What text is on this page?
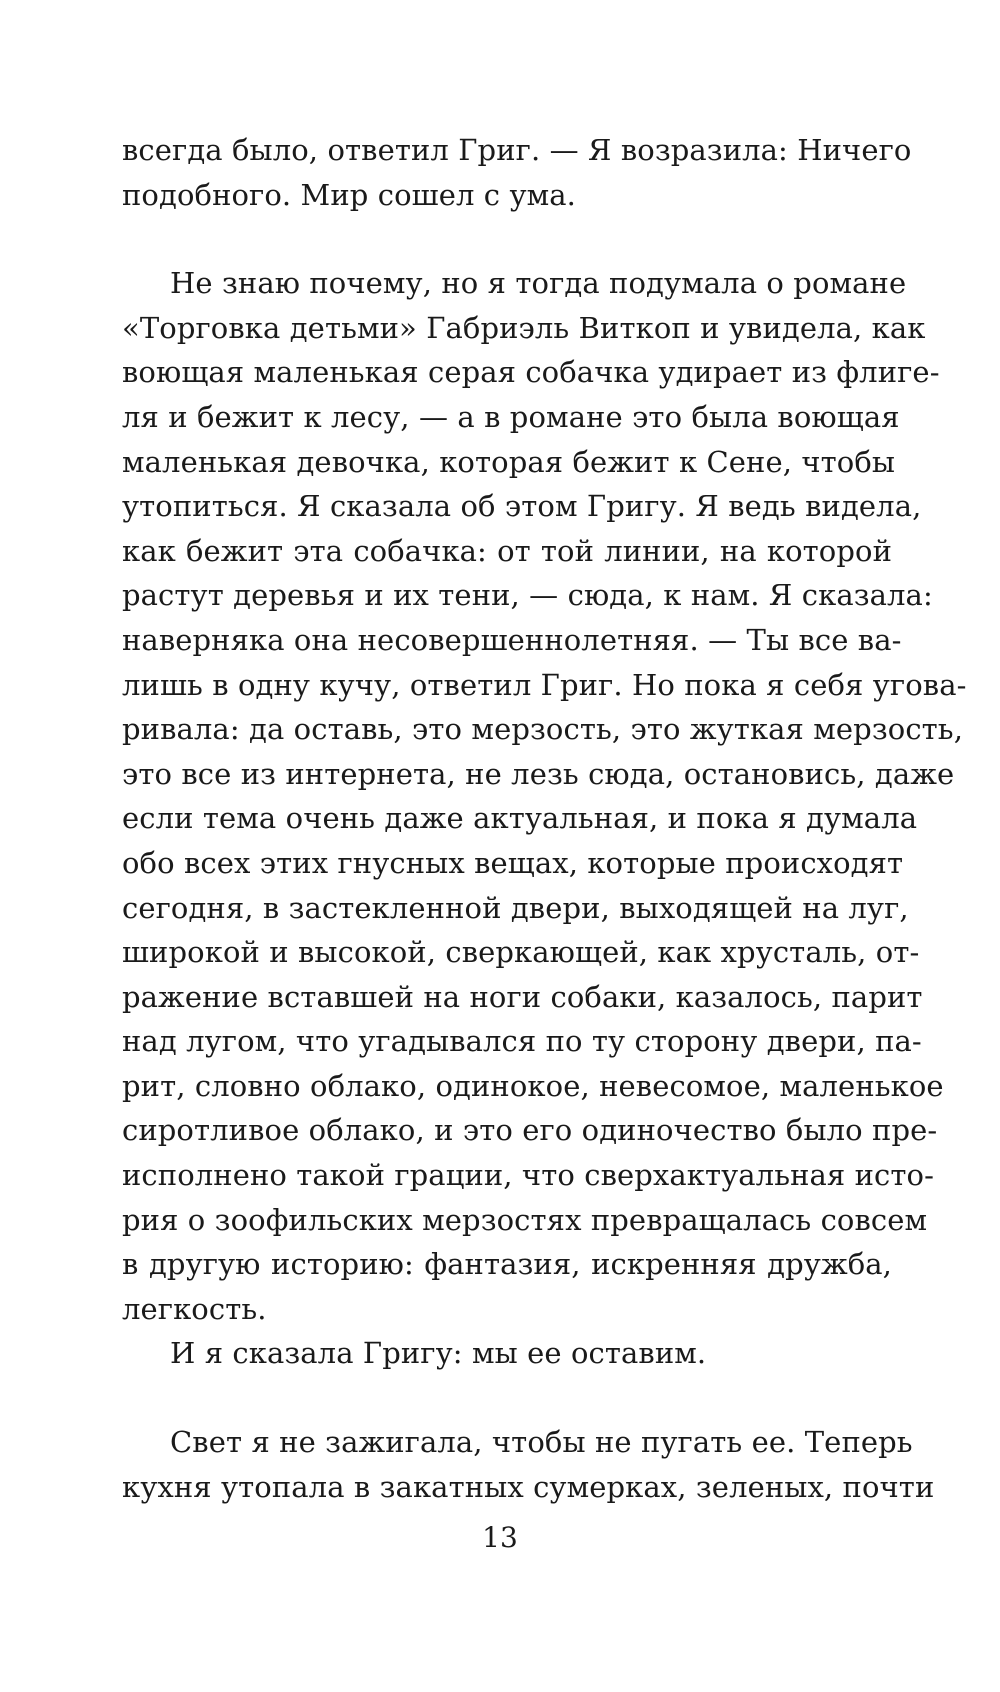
всегда было, ответил Григ. — Я возразила: Ничего
подобного. Мир сошел с ума.
Не знаю почему, но я тогда подумала о романе
«Торговка детьми» Габриэль Виткоп и увидела, как
воющая маленькая серая собачка удирает из флиге-
ля и бежит к лесу, — а в романе это была воющая
маленькая девочка, которая бежит к Сене, чтобы
утопиться. Я сказала об этом Григу. Я ведь видела,
как бежит эта собачка: от той линии, на которой
растут деревья и их тени, — сюда, к нам. Я сказала:
наверняка она несовершеннолетняя. — Ты все ва-
лишь в одну кучу, ответил Григ. Но пока я себя угова-
ривала: да оставь, это мерзость, это жуткая мерзость,
это все из интернета, не лезь сюда, остановись, даже
если тема очень даже актуальная, и пока я думала
обо всех этих гнусных вещах, которые происходят
сегодня, в застекленной двери, выходящей на луг,
широкой и высокой, сверкающей, как хрусталь, от-
ражение вставшей на ноги собаки, казалось, парит
над лугом, что угадывался по ту сторону двери, па-
рит, словно облако, одинокое, невесомое, маленькое
сиротливое облако, и это его одиночество было пре-
исполнено такой грации, что сверхактуальная исто-
рия о зоофильских мерзостях превращалась совсем
в другую историю: фантазия, искренняя дружба,
легкость.
И я сказала Григу: мы ее оставим.
Свет я не зажигала, чтобы не пугать ее. Теперь
кухня утопала в закатных сумерках, зеленых, почти
13
